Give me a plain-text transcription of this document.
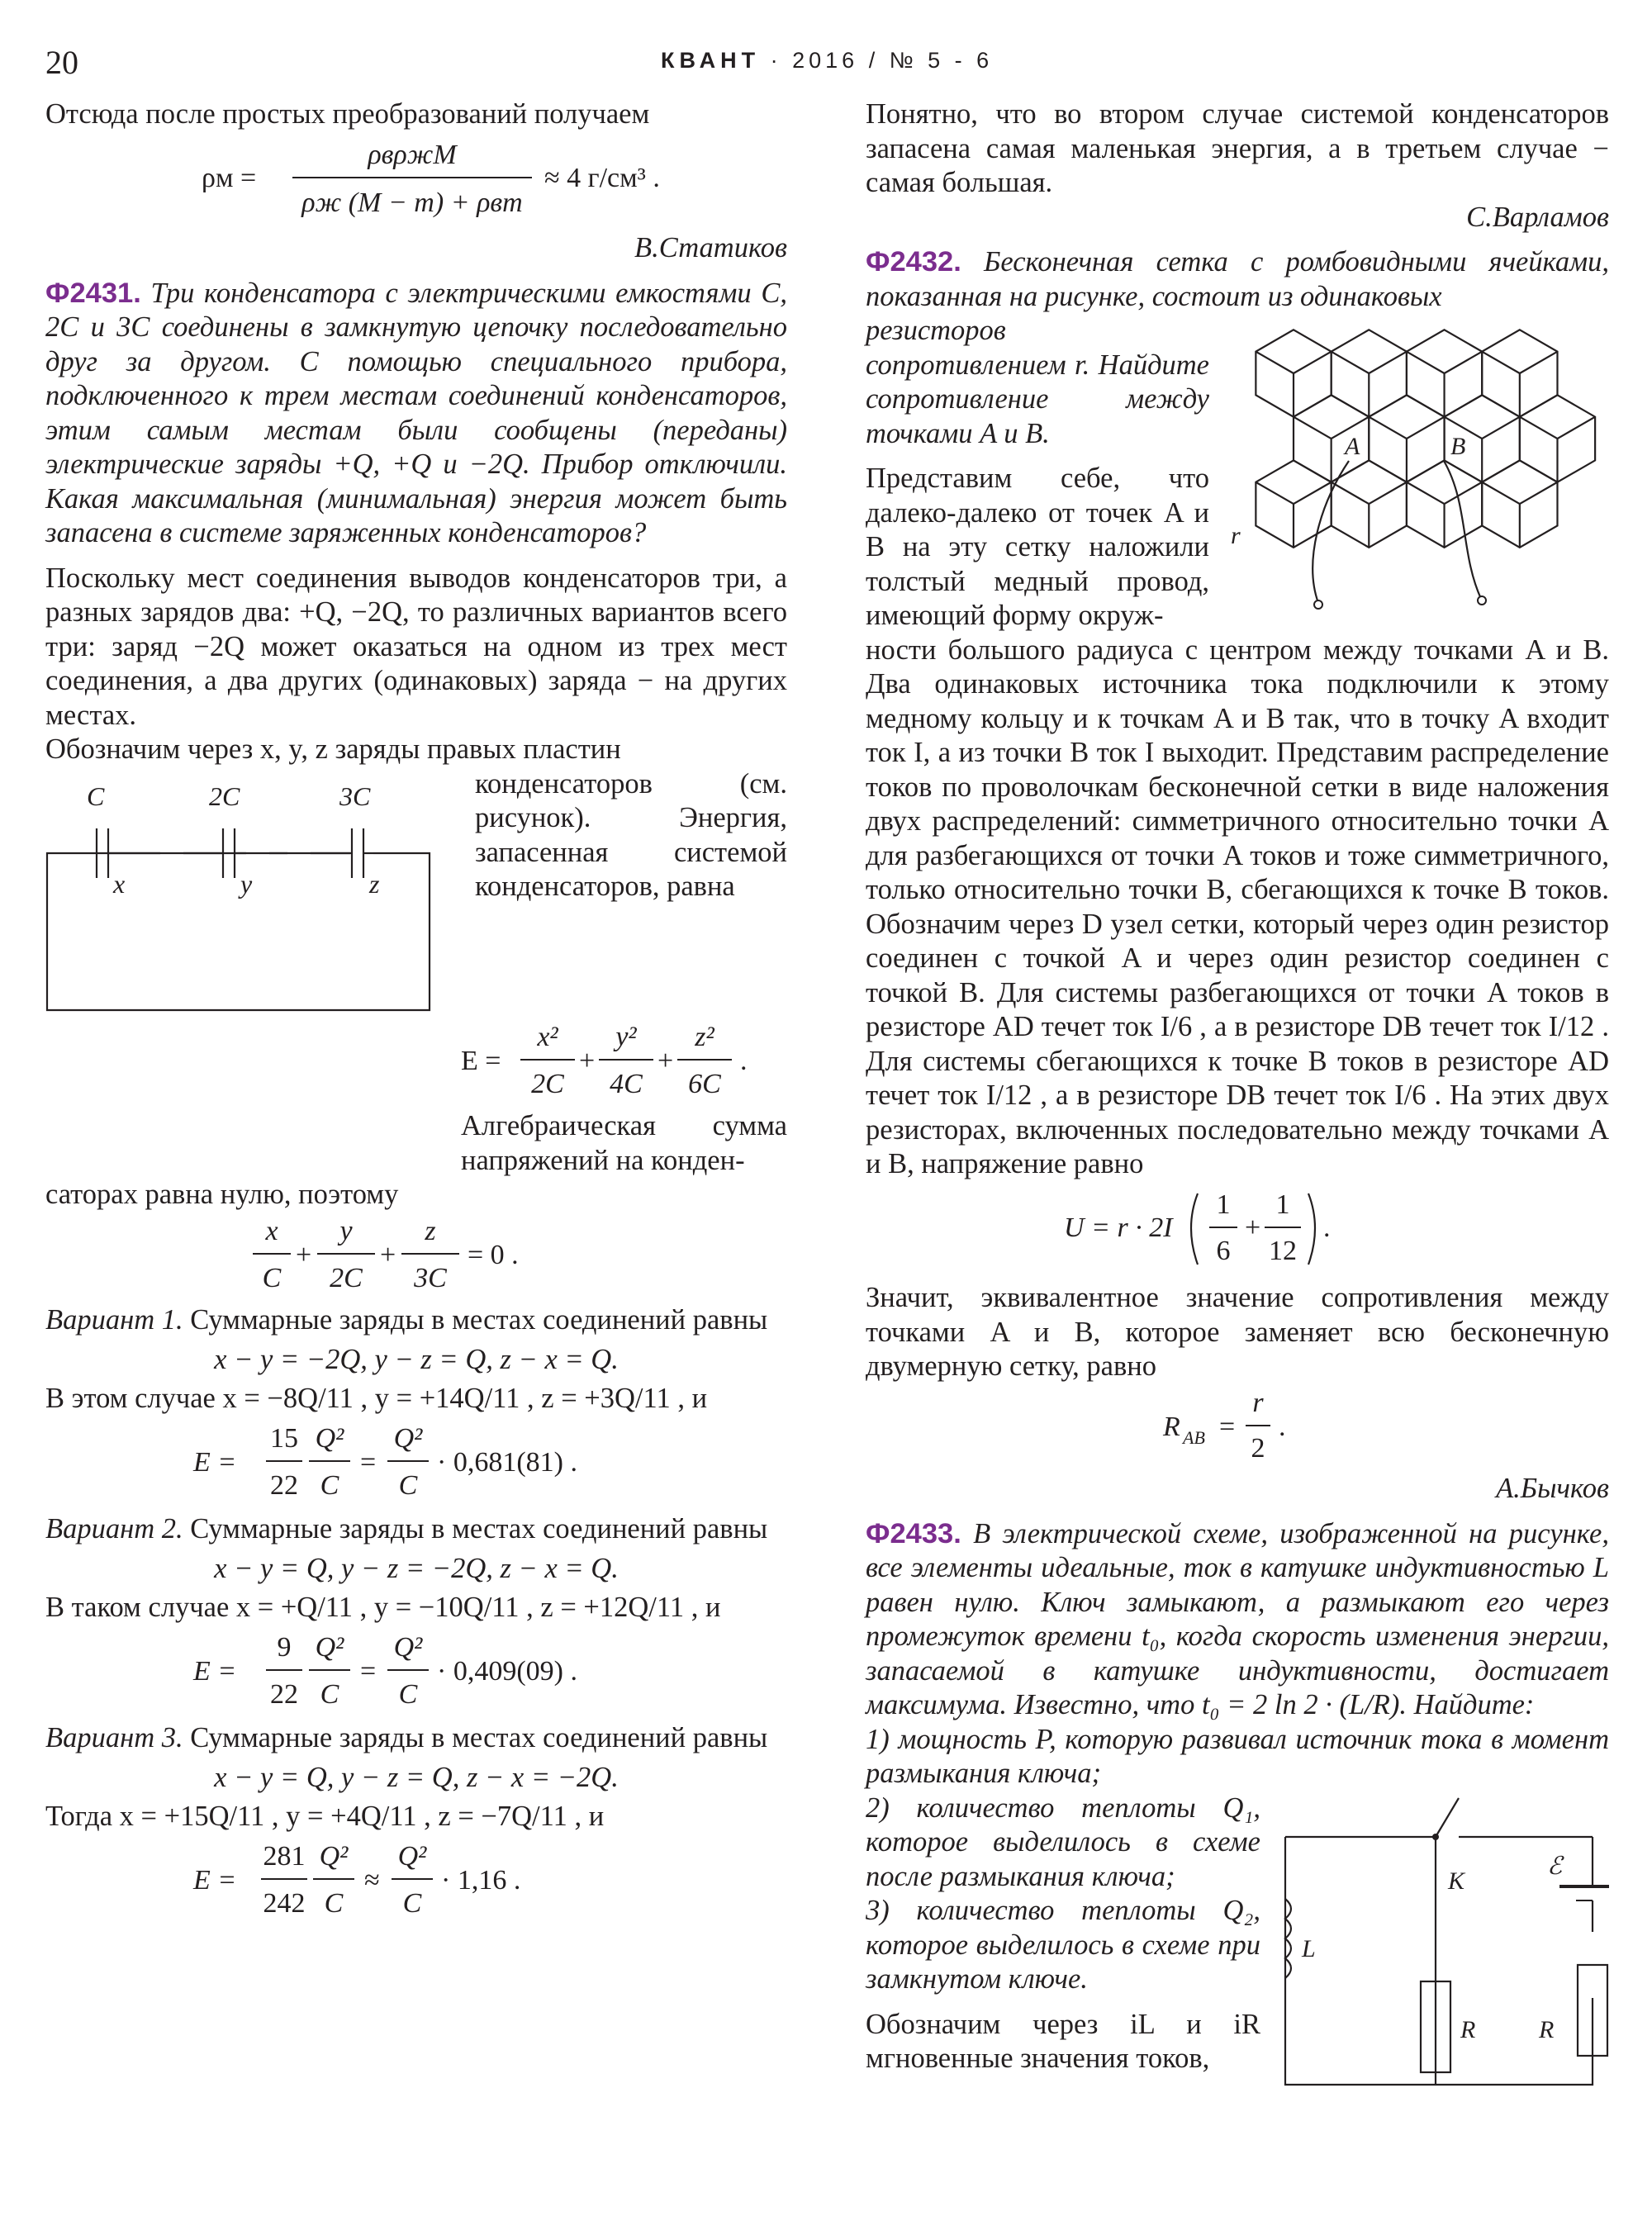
20	КВАНТ · 2016 / № 5 - 6

Отсюда после простых преобразований получаем

ρм =
ρвρжM
ρж (M − m) + ρвm
≈ 4 г/см³ .

В.Статиков

Ф2431. Три конденсатора с электрическими емкостями C, 2C и 3C соединены в замкнутую цепочку последовательно друг за другом. С помощью специального прибора, подключенного к трем местам соединений конденсаторов, этим самым местам были сообщены (переданы) электрические заряды +Q, +Q и −2Q. Прибор отключили. Какая максимальная (минимальная) энергия может быть запасена в системе заряженных конденсаторов?

Поскольку мест соединения выводов конденсаторов три, а разных зарядов два: +Q, −2Q, то различных вариантов всего три: заряд −2Q может оказаться на одном из трех мест соединения, а два других (одинаковых) заряда − на других местах.

Обозначим через x, y, z заряды правых пластин

C	2C	3C
x	y	z

конденсаторов (см. рисунок). Энергия, запасенная системой конденсаторов, равна

E =
x²
2C
+
y²
4C
+
z²
6C
.

Алгебраическая сумма напряжений на конден-

саторах равна нулю, поэтому

x
C
+
y
2C
+
z
3C
= 0 .

Вариант 1. Суммарные заряды в местах соединений равны

x − y = −2Q, y − z = Q, z − x = Q.

В этом случае x = −8Q/11 , y = +14Q/11 , z = +3Q/11 , и

E =
15
22
Q²
C
=
Q²
C
· 0,681(81) .

Вариант 2. Суммарные заряды в местах соединений равны

x − y = Q, y − z = −2Q, z − x = Q.

В таком случае x = +Q/11 , y = −10Q/11 , z = +12Q/11 , и

E =
9
22
Q²
C
=
Q²
C
· 0,409(09) .

Вариант 3. Суммарные заряды в местах соединений равны

x − y = Q, y − z = Q, z − x = −2Q.

Тогда x = +15Q/11 , y = +4Q/11 , z = −7Q/11 , и

E =
281
242
Q²
C
≈
Q²
C
· 1,16 .

Понятно, что во втором случае системой конденсаторов запасена самая маленькая энергия, а в третьем случае − самая большая.

С.Варламов

Ф2432. Бесконечная сетка с ромбовидными ячейками, показанная на рисунке, состоит из одинаковых

A	B
r

резисторов сопротивлением r. Найдите сопротивление между точками A и B.

Представим себе, что далеко-далеко от точек A и B на эту сетку наложили толстый медный провод, имеющий форму окруж-

ности большого радиуса с центром между точками A и B. Два одинаковых источника тока подключили к этому медному кольцу и к точкам A и B так, что в точку A входит ток I, а из точки B ток I выходит. Представим распределение токов по проволочкам бесконечной сетки в виде наложения двух распределений: симметричного относительно точки A для разбегающихся от точки A токов и тоже симметричного, только относительно точки B, сбегающихся к точке B токов. Обозначим через D узел сетки, который через один резистор соединен с точкой A и через один резистор соединен с точкой B. Для системы разбегающихся от точки A токов в резисторе AD течет ток I/6 , а в резисторе DB течет ток I/12 . Для системы сбегающихся к точке B токов в резисторе AD течет ток I/12 , а в резисторе DB течет ток I/6 . На этих двух резисторах, включенных последовательно между точками A и B, напряжение равно

U = r · 2I
1
6
+
1
12
.

Значит, эквивалентное значение сопротивления между точками A и B, которое заменяет всю бесконечную двумерную сетку, равно

R AB =
r
2
.

А.Бычков

Ф2433. В электрической схеме, изображенной на рисунке, все элементы идеальные, ток в катушке индуктивностью L равен нулю. Ключ замыкают, а размыкают его через промежуток времени t₀, когда скорость изменения энергии, запасаемой в катушке индуктивности, достигает максимума. Известно, что t₀ = 2 ln 2 · (L/R). Найдите:

1) мощность P, которую развивал источник тока в момент размыкания ключа;

K
L
ℰ
R	R

2) количество теплоты Q₁, которое выделилось в схеме после размыкания ключа;

3) количество теплоты Q₂, которое выделилось в схеме при замкнутом ключе.

Обозначим через iL и iR мгновенные значения токов,
